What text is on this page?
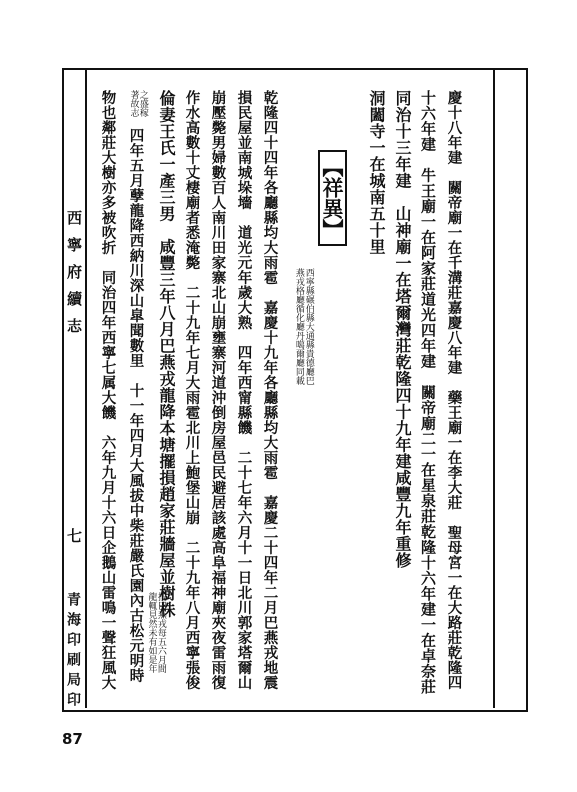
西寧府續志
七
青海印刷局印
87

慶十八年建　關帝廟一在千溝莊嘉慶八年建　藥王廟一在李大莊　聖母宮一在大路莊乾隆四

十六年建　牛王廟一在阿家莊道光四年建　關帝廟二一在星泉莊乾隆十六年建一在卓奈莊

同治十三年建　山神廟一在塔爾灣莊乾隆四十九年建咸豐九年重修

洞闔寺一在城南五十里

【祥異】
西寧縣碾伯縣大通縣貴德廳巴
燕戎格廳循化廳丹噶爾廳同載

乾隆四十四年各廳縣均大雨雹　嘉慶十九年各廳縣均大雨雹　嘉慶二十四年二月巴燕戎地震

損民屋並南城垛墻　道光元年歲大熟　四年西甯縣饑　二十七年六月十一日北川郭家塔爾山

崩壓斃男婦數百人南川田家寨北山崩壅寨河道沖倒房屋邑民避居該處高阜福神廟夾夜雷雨復

作水高數十丈棲廟者悉淹斃　二十九年七月大雨雹北川上鮑堡山崩　二十九年八月西寧張俊

倫妻王氏一產三男　咸豐三年八月巴燕戎龍降本塘擺損趙家莊牆屋並樹株

按巴燕戎每五六月間
龍輒見然未有如是年
之盛稼
著故志

四年五月孽龍降西納川深山皐聞數里　十一年四月大風拔中柴莊嚴氏園內古松元明時

物也鄰莊大樹亦多被吹折　同治四年西寧七属大饑　六年九月十六日企鵝山雷鳴一聲狂風大
